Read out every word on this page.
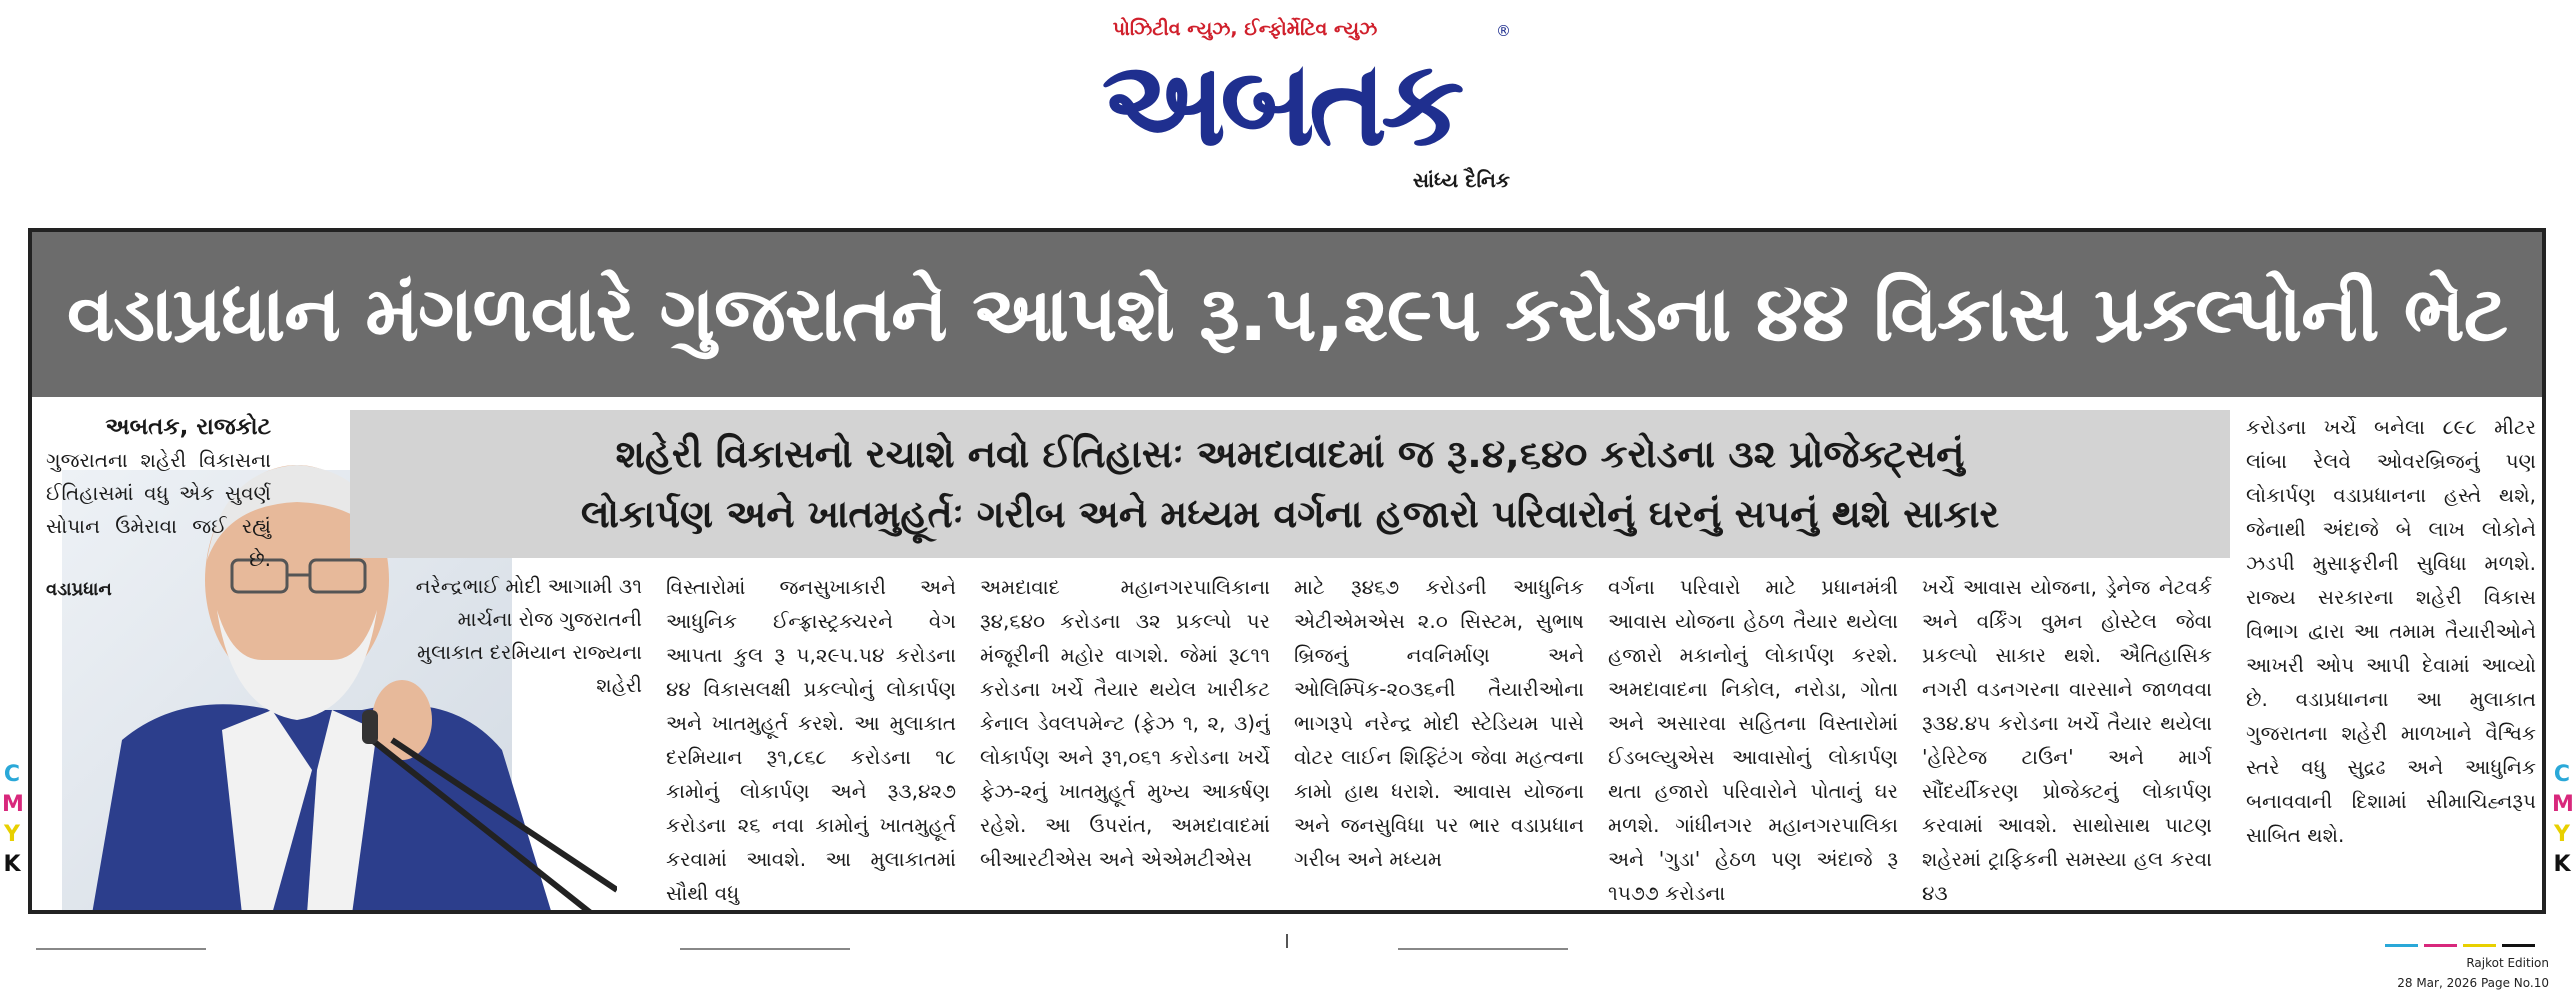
પોઝિટીવ ન્યુઝ, ઈન્ફોર્મેટિવ ન્યુઝ
અબતક
®
સાંધ્ય દૈનિક
વડાપ્રધાન મંગળવારે ગુજરાતને આપશે રૂ.૫,૨૯૫ કરોડના ૪૪ વિકાસ પ્રકલ્પોની ભેટ
અબતક, રાજકોટ
ગુજરાતના શહેરી વિકાસના ઈતિહાસમાં વધુ એક સુવર્ણ સોપાન ઉમેરાવા જઈ રહ્યું છે.
વડાપ્રધાન
શહેરી વિકાસનો રચાશે નવો ઈતિહાસઃ અમદાવાદમાં જ રૂ.૪,૬૪૦ કરોડના ૩૨ પ્રોજેક્ટ્સનું
લોકાર્પણ અને ખાતમુહૂર્તઃ ગરીબ અને મધ્યમ વર્ગના હજારો પરિવારોનું ઘરનું સપનું થશે સાકાર
નરેન્દ્રભાઈ મોદી આગામી ૩૧ માર્ચના રોજ ગુજરાતની મુલાકાત દરમિયાન રાજ્યના શહેરી
વિસ્તારોમાં જનસુખાકારી અને આધુનિક ઈન્ફ્રાસ્ટ્રક્ચરને વેગ આપતા કુલ રૂ ૫,૨૯૫.૫૪ કરોડના ૪૪ વિકાસલક્ષી પ્રકલ્પોનું લોકાર્પણ અને ખાતમુહૂર્ત કરશે. આ મુલાકાત દરમિયાન રૂ૧,૮૬૮ કરોડના ૧૮ કામોનું લોકાર્પણ અને રૂ૩,૪૨૭ કરોડના ૨૬ નવા કામોનું ખાતમુહૂર્ત કરવામાં આવશે. આ મુલાકાતમાં સૌથી વધુ
અમદાવાદ મહાનગરપાલિકાના રૂ૪,૬૪૦ કરોડના ૩૨ પ્રકલ્પો પર મંજૂરીની મહોર વાગશે. જેમાં રૂ૮૧૧ કરોડના ખર્ચે તૈયાર થયેલ ખારીકટ કેનાલ ડેવલપમેન્ટ (ફેઝ ૧, ૨, ૩)નું લોકાર્પણ અને રૂ૧,૦૬૧ કરોડના ખર્ચે ફેઝ-૨નું ખાતમુહૂર્ત મુખ્ય આકર્ષણ રહેશે. આ ઉપરાંત, અમદાવાદમાં બીઆરટીએસ અને એએમટીએસ
માટે રૂ૪૬૭ કરોડની આધુનિક એટીએમએસ ૨.૦ સિસ્ટમ, સુભાષ બ્રિજનું નવનિર્માણ અને ઓલિમ્પિક-૨૦૩૬ની તૈયારીઓના ભાગરૂપે નરેન્દ્ર મોદી સ્ટેડિયમ પાસે વોટર લાઈન શિફ્ટિંગ જેવા મહત્વના કામો હાથ ધરાશે. આવાસ યોજના અને જનસુવિધા પર ભાર વડાપ્રધાન ગરીબ અને મધ્યમ
વર્ગના પરિવારો માટે પ્રધાનમંત્રી આવાસ યોજના હેઠળ તૈયાર થયેલા હજારો મકાનોનું લોકાર્પણ કરશે. અમદાવાદના નિકોલ, નરોડા, ગોતા અને અસારવા સહિતના વિસ્તારોમાં ઈડબલ્યુએસ આવાસોનું લોકાર્પણ થતા હજારો પરિવારોને પોતાનું ઘર મળશે. ગાંધીનગર મહાનગરપાલિકા અને 'ગુડા' હેઠળ પણ અંદાજે રૂ ૧૫૭૭ કરોડના
ખર્ચે આવાસ યોજના, ડ્રેનેજ નેટવર્ક અને વર્કિંગ વુમન હોસ્ટેલ જેવા પ્રકલ્પો સાકાર થશે. ઐતિહાસિક નગરી વડનગરના વારસાને જાળવવા રૂ૩૪.૪૫ કરોડના ખર્ચે તૈયાર થયેલા 'હેરિટેજ ટાઉન' અને માર્ગ સૌંદર્યીકરણ પ્રોજેક્ટનું લોકાર્પણ કરવામાં આવશે. સાથોસાથ પાટણ શહેરમાં ટ્રાફિકની સમસ્યા હલ કરવા ૪૩
કરોડના ખર્ચે બનેલા ૮૯૮ મીટર લાંબા રેલવે ઓવરબ્રિજનું પણ લોકાર્પણ વડાપ્રધાનના હસ્તે થશે, જેનાથી અંદાજે બે લાખ લોકોને ઝડપી મુસાફરીની સુવિધા મળશે. રાજ્ય સરકારના શહેરી વિકાસ વિભાગ દ્વારા આ તમામ તૈયારીઓને આખરી ઓપ આપી દેવામાં આવ્યો છે. વડાપ્રધાનના આ મુલાકાત ગુજરાતના શહેરી માળખાને વૈશ્વિક સ્તરે વધુ સુદ્રઢ અને આધુનિક બનાવવાની દિશામાં સીમાચિહ્નરૂપ સાબિત થશે.
C
M
Y
K
C
M
Y
K
Rajkot Edition
28 Mar, 2026 Page No.10
